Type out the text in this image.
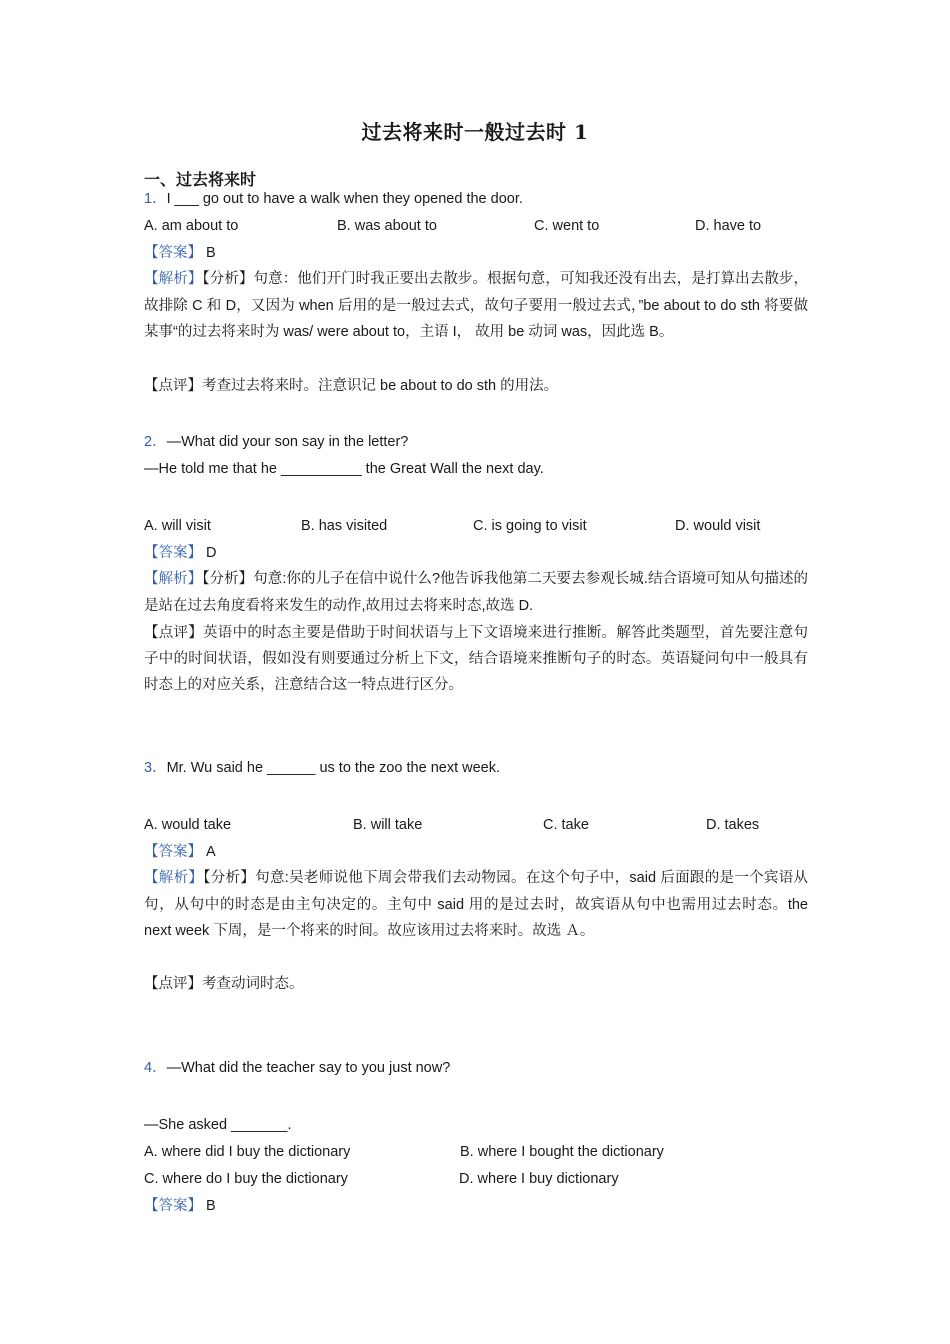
过去将来时一般过去时 1
一、过去将来时
1．I ___ go out to have a walk when they opened the door.
A. am about to	B. was about to	C. went to	D. have to
【答案】 B
【解析】【分析】句意：他们开门时我正要出去散步。根据句意，可知我还没有出去，是打算出去散步，故排除 C 和 D，又因为 when 后用的是一般过去式，故句子要用一般过去式，”be about to do sth 将要做某事“的过去将来时为 was/ were about to，主语 I， 故用 be 动词 was，因此选 B。
【点评】考查过去将来时。注意识记 be about to do sth 的用法。
2．—What did your son say in the letter?
—He told me that he __________ the Great Wall the next day.
A. will visit	B. has visited	C. is going to visit	D. would visit
【答案】 D
【解析】【分析】句意:你的儿子在信中说什么?他告诉我他第二天要去参观长城.结合语境可知从句描述的是站在过去角度看将来发生的动作,故用过去将来时态,故选 D.
【点评】英语中的时态主要是借助于时间状语与上下文语境来进行推断。解答此类题型，首先要注意句子中的时间状语，假如没有则要通过分析上下文，结合语境来推断句子的时态。英语疑问句中一般具有时态上的对应关系，注意结合这一特点进行区分。
3．Mr. Wu said he ______ us to the zoo the next week.
A. would take	B. will take	C. take	D. takes
【答案】 A
【解析】【分析】句意:吴老师说他下周会带我们去动物园。在这个句子中，said 后面跟的是一个宾语从句，从句中的时态是由主句决定的。主句中 said 用的是过去时，故宾语从句中也需用过去时态。the next week 下周，是一个将来的时间。故应该用过去将来时。故选 Ａ。
【点评】考查动词时态。
4．—What did the teacher say to you just now?
—She asked _______.
A. where did I buy the dictionary	B. where I bought the dictionary
C. where do I buy the dictionary	D. where I buy dictionary
【答案】 B
